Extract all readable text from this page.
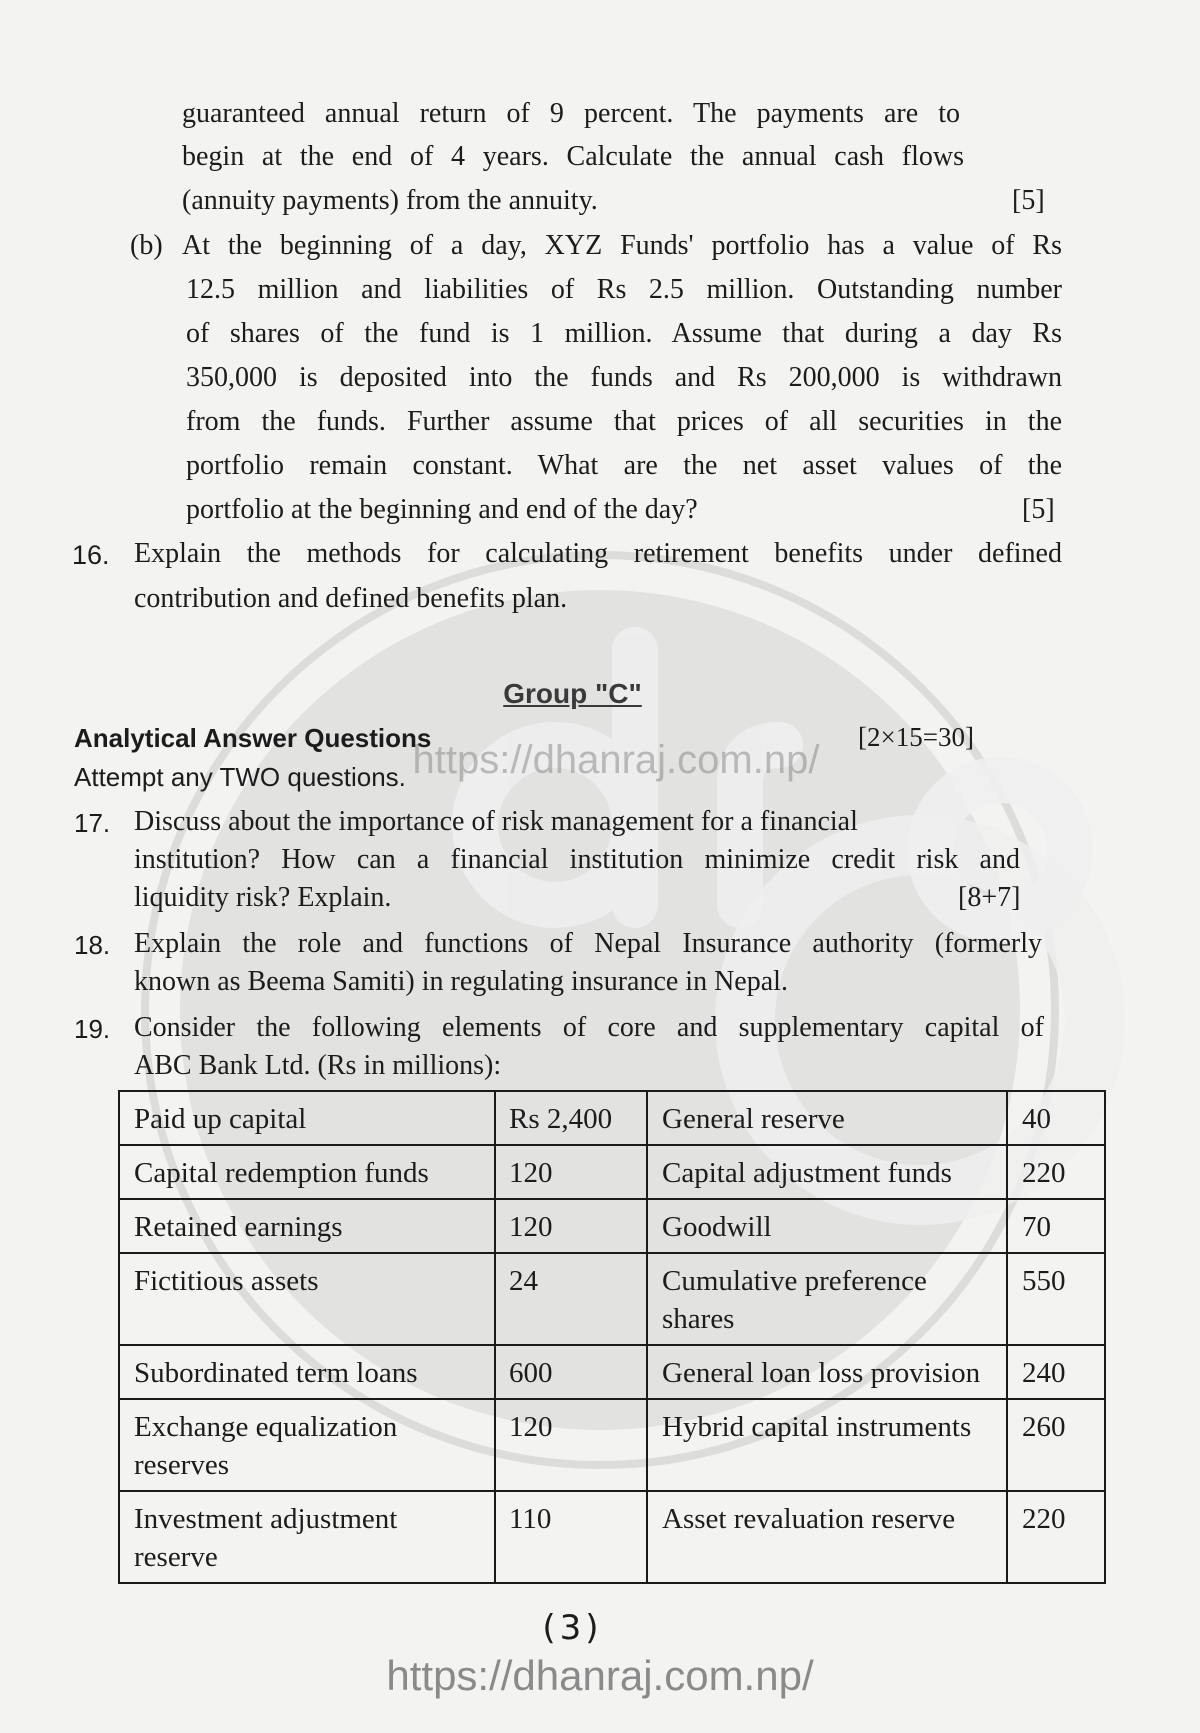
https://dhanraj.com.np/
guaranteed annual return of 9 percent. The payments are to
begin at the end of 4 years. Calculate the annual cash flows
(annuity payments) from the annuity.	[5]
(b) At the beginning of a day, XYZ Funds' portfolio has a value of Rs
12.5 million and liabilities of Rs 2.5 million. Outstanding number
of shares of the fund is 1 million. Assume that during a day Rs
350,000 is deposited into the funds and Rs 200,000 is withdrawn
from the funds. Further assume that prices of all securities in the
portfolio remain constant. What are the net asset values of the
portfolio at the beginning and end of the day?	[5]
16. Explain the methods for calculating retirement benefits under defined
contribution and defined benefits plan.
Group "C"
Analytical Answer Questions	[2×15=30]
Attempt any TWO questions.
17. Discuss about the importance of risk management for a financial
institution? How can a financial institution minimize credit risk and
liquidity risk? Explain.	[8+7]
18. Explain the role and functions of Nepal Insurance authority (formerly
known as Beema Samiti) in regulating insurance in Nepal.
19. Consider the following elements of core and supplementary capital of
ABC Bank Ltd. (Rs in millions):
Paid up capital	Rs 2,400	General reserve	40
Capital redemption funds	120	Capital adjustment funds	220
Retained earnings	120	Goodwill	70
Fictitious assets	24	Cumulative preference shares	550
Subordinated term loans	600	General loan loss provision	240
Exchange equalization reserves	120	Hybrid capital instruments	260
Investment adjustment reserve	110	Asset revaluation reserve	220
(3)
https://dhanraj.com.np/
